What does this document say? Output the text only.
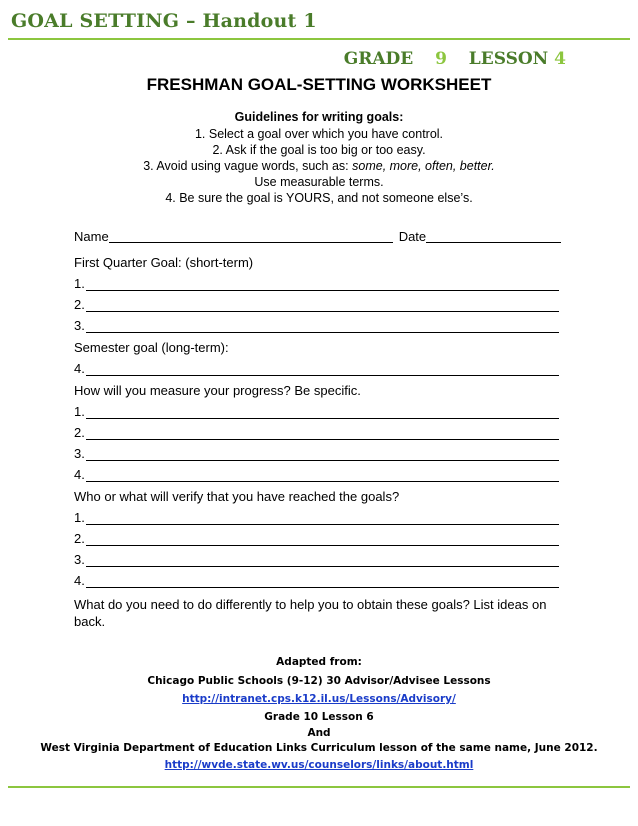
GOAL SETTING – Handout 1
GRADE 9 LESSON 4
FRESHMAN GOAL-SETTING WORKSHEET
Guidelines for writing goals:
1. Select a goal over which you have control.
2. Ask if the goal is too big or too easy.
3. Avoid using vague words, such as: some, more, often, better.
Use measurable terms.
4. Be sure the goal is YOURS, and not someone else’s.
Name	Date
First Quarter Goal: (short-term)
1.
2.
3.
Semester goal (long-term):
4.
How will you measure your progress? Be specific.
1.
2.
3.
4.
Who or what will verify that you have reached the goals?
1.
2.
3.
4.
What do you need to do differently to help you to obtain these goals? List ideas on
back.
Adapted from:
Chicago Public Schools (9-12) 30 Advisor/Advisee Lessons
http://intranet.cps.k12.il.us/Lessons/Advisory/
Grade 10 Lesson 6
And
West Virginia Department of Education Links Curriculum lesson of the same name, June 2012.
http://wvde.state.wv.us/counselors/links/about.html
